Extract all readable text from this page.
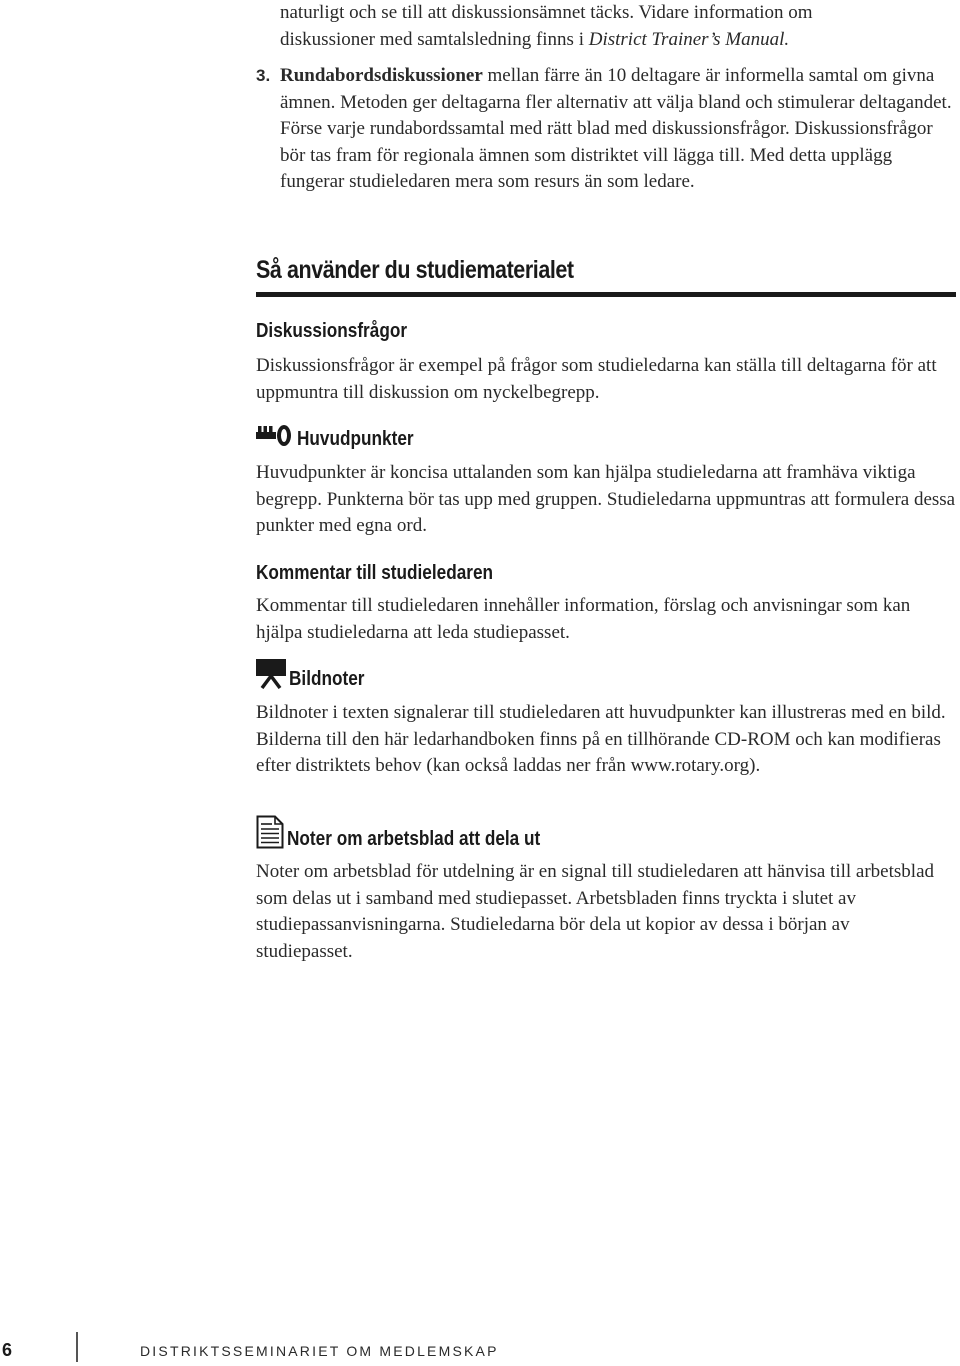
naturligt och se till att diskussionsämnet täcks. Vidare information om

diskussioner med samtalsledning finns i District Trainer’s Manual.

3. Rundabordsdiskussioner mellan färre än 10 deltagare är informella samtal om givna ämnen. Metoden ger deltagarna fler alternativ att välja bland och stimulerar deltagandet. Förse varje rundabordssamtal med rätt blad med diskussionsfrågor. Diskussionsfrågor bör tas fram för regionala ämnen som distriktet vill lägga till. Med detta upplägg fungerar studieledaren mera som resurs än som ledare.

Så använder du studiematerialet
Diskussionsfrågor

Diskussionsfrågor är exempel på frågor som studieledarna kan ställa till deltagarna för att uppmuntra till diskussion om nyckelbegrepp.

Huvudpunkter

Huvudpunkter är koncisa uttalanden som kan hjälpa studieledarna att framhäva viktiga begrepp. Punkterna bör tas upp med gruppen. Studieledarna uppmuntras att formulera dessa punkter med egna ord.

Kommentar till studieledaren

Kommentar till studieledaren innehåller information, förslag och anvisningar som kan hjälpa studieledarna att leda studiepasset.

Bildnoter

Bildnoter i texten signalerar till studieledaren att huvudpunkter kan illustreras med en bild. Bilderna till den här ledarhandboken finns på en tillhörande CD-ROM och kan modifieras efter distriktets behov (kan också laddas ner från www.rotary.org).

Noter om arbetsblad att dela ut

Noter om arbetsblad för utdelning är en signal till studieledaren att hänvisa till arbetsblad som delas ut i samband med studiepasset. Arbetsbladen finns tryckta i slutet av studiepassanvisningarna. Studieledarna bör dela ut kopior av dessa i början av studiepasset.

6	DISTRIKTSSEMINARIET OM MEDLEMSKAP
